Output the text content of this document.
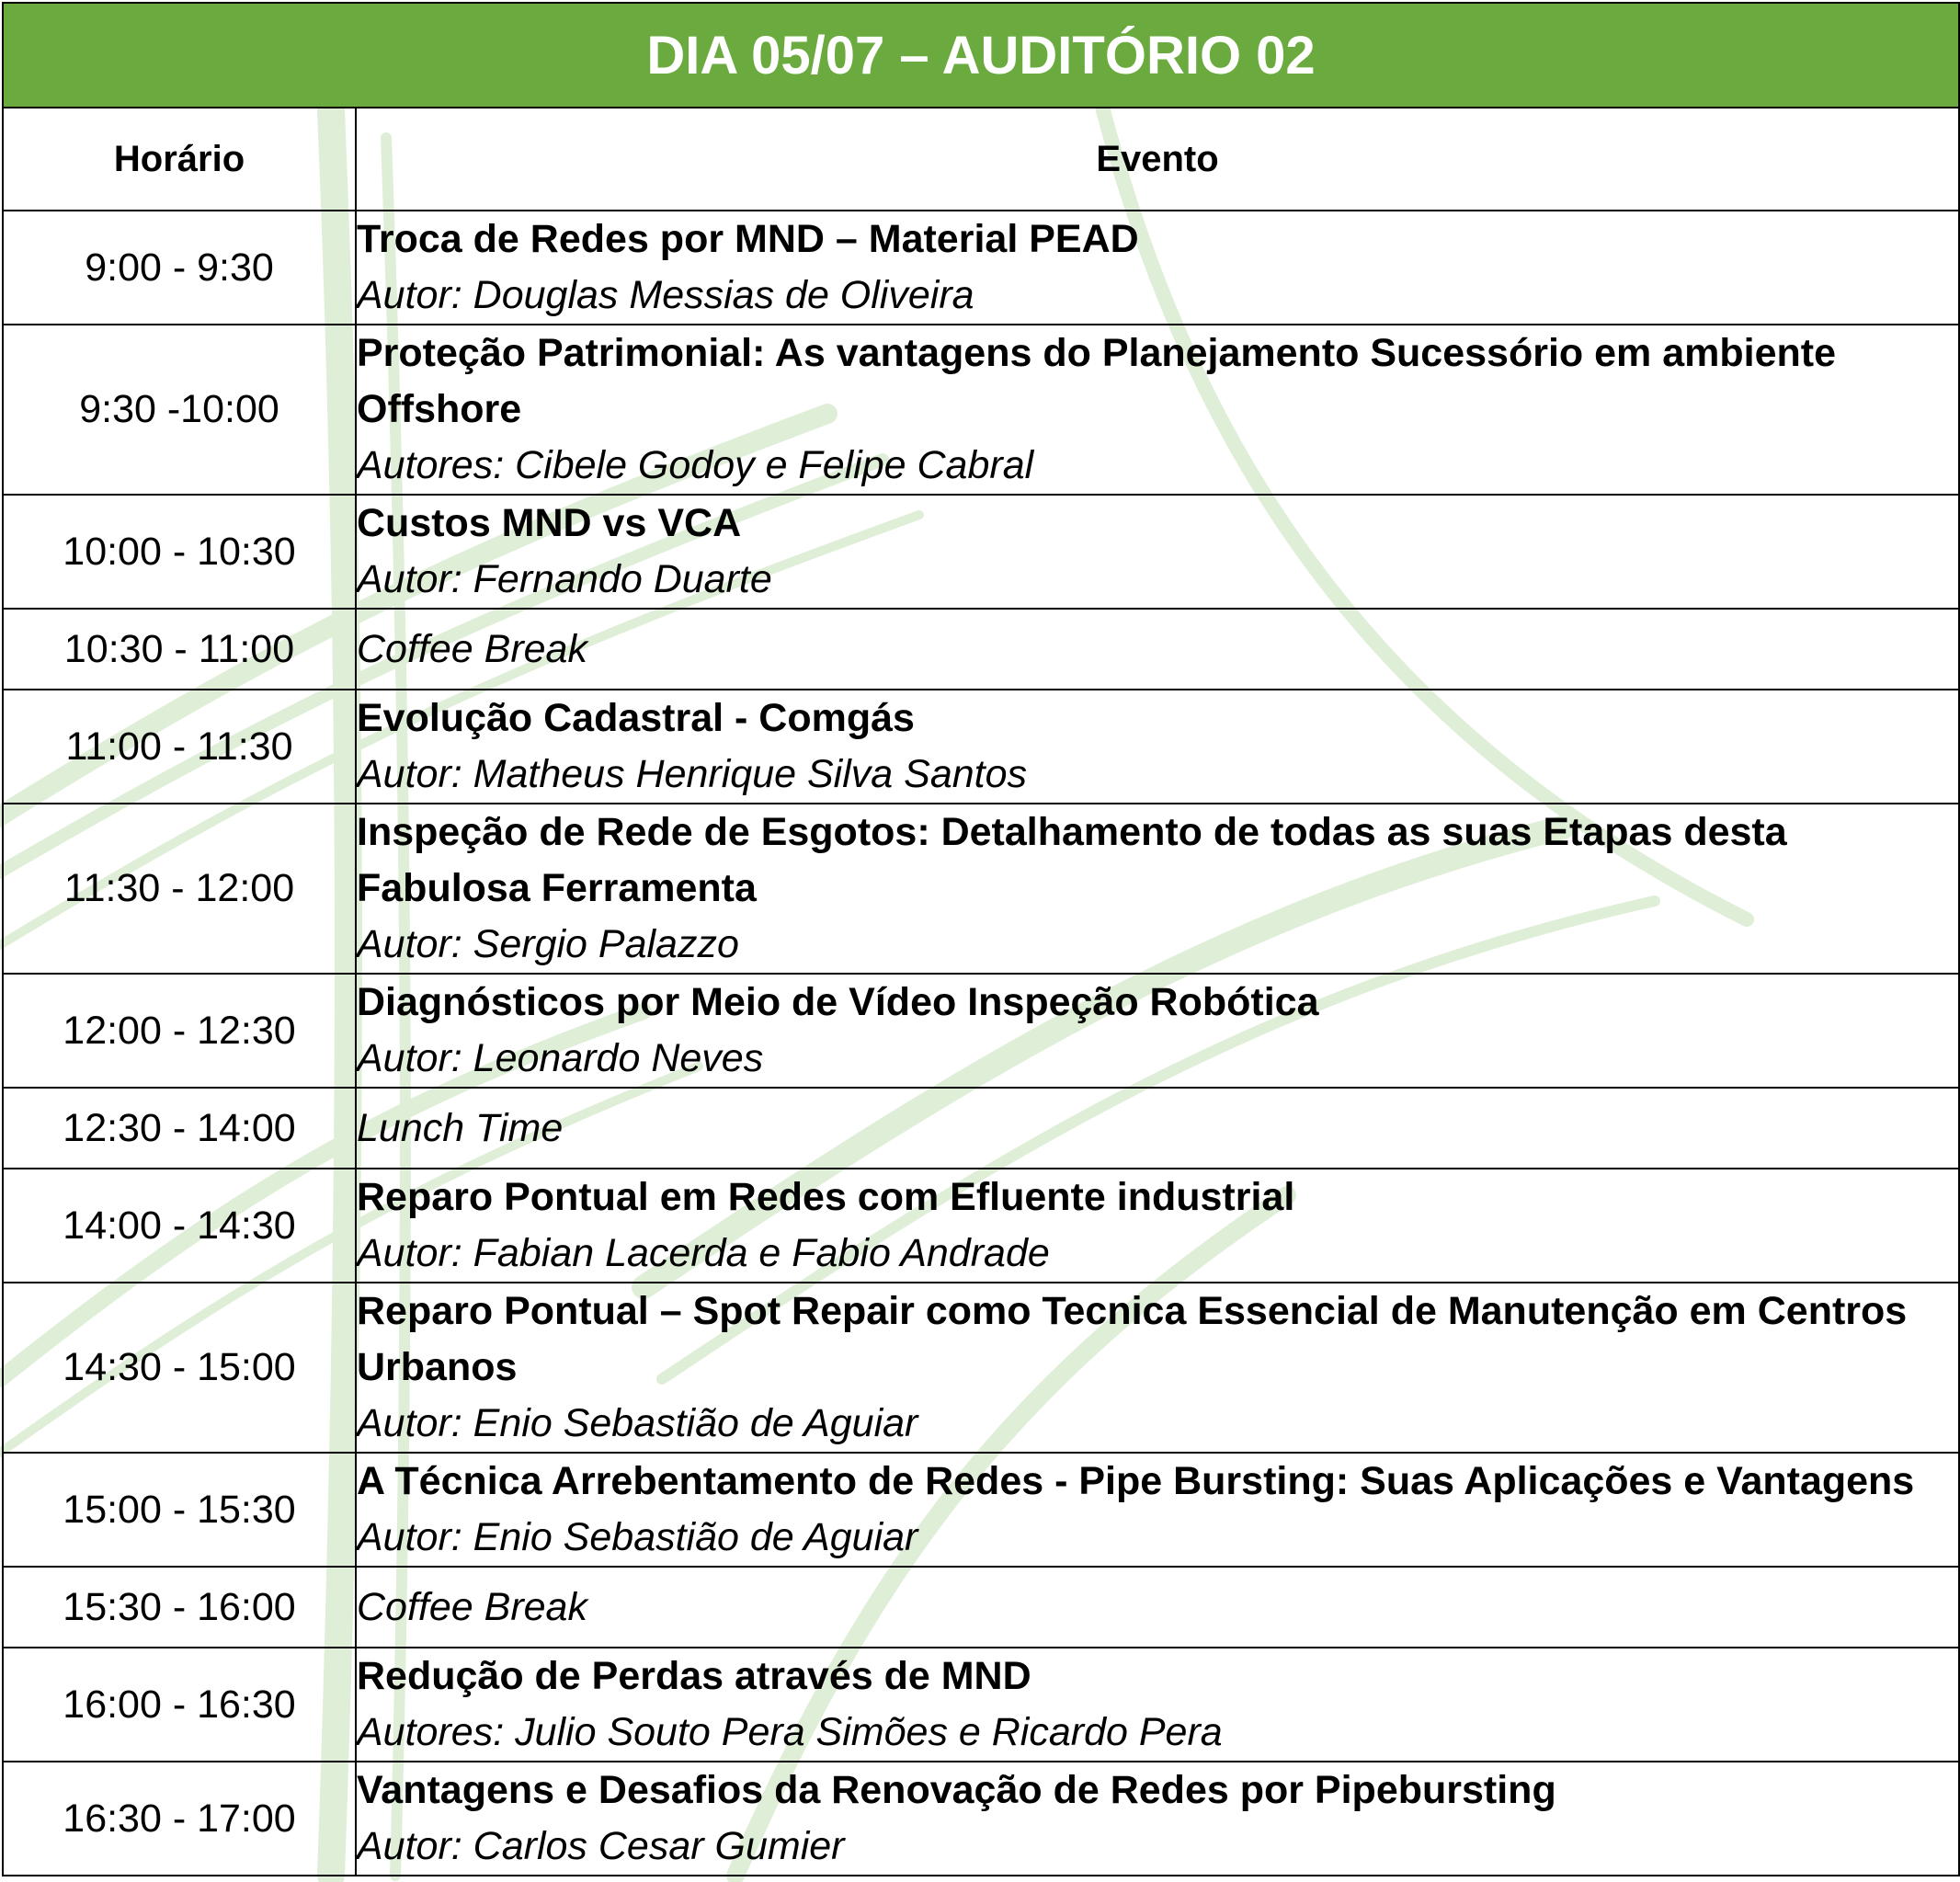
DIA 05/07 – AUDITÓRIO 02	
Horário	Evento
9:00 - 9:30	Troca de Redes por MND – Material PEAD
Autor: Douglas Messias de Oliveira

9:30 -10:00	Proteção Patrimonial: As vantagens do Planejamento Sucessório em ambiente Offshore
Autores: Cibele Godoy e Felipe Cabral

10:00 - 10:30	Custos MND vs VCA
Autor: Fernando Duarte

10:30 - 11:00	Coffee Break

11:00 - 11:30	Evolução Cadastral - Comgás
Autor: Matheus Henrique Silva Santos

11:30 - 12:00	Inspeção de Rede de Esgotos: Detalhamento de todas as suas Etapas desta Fabulosa Ferramenta
Autor: Sergio Palazzo

12:00 - 12:30	Diagnósticos por Meio de Vídeo Inspeção Robótica
Autor: Leonardo Neves

12:30 - 14:00	Lunch Time

14:00 - 14:30	Reparo Pontual em Redes com Efluente industrial
Autor: Fabian Lacerda e Fabio Andrade

14:30 - 15:00	Reparo Pontual – Spot Repair como Tecnica Essencial de Manutenção em Centros Urbanos
Autor: Enio Sebastião de Aguiar

15:00 - 15:30	A Técnica Arrebentamento de Redes - Pipe Bursting: Suas Aplicações e Vantagens
Autor: Enio Sebastião de Aguiar

15:30 - 16:00	Coffee Break

16:00 - 16:30	Redução de Perdas através de MND
Autores: Julio Souto Pera Simões e Ricardo Pera

16:30 - 17:00	Vantagens e Desafios da Renovação de Redes por Pipebursting
Autor: Carlos Cesar Gumier
